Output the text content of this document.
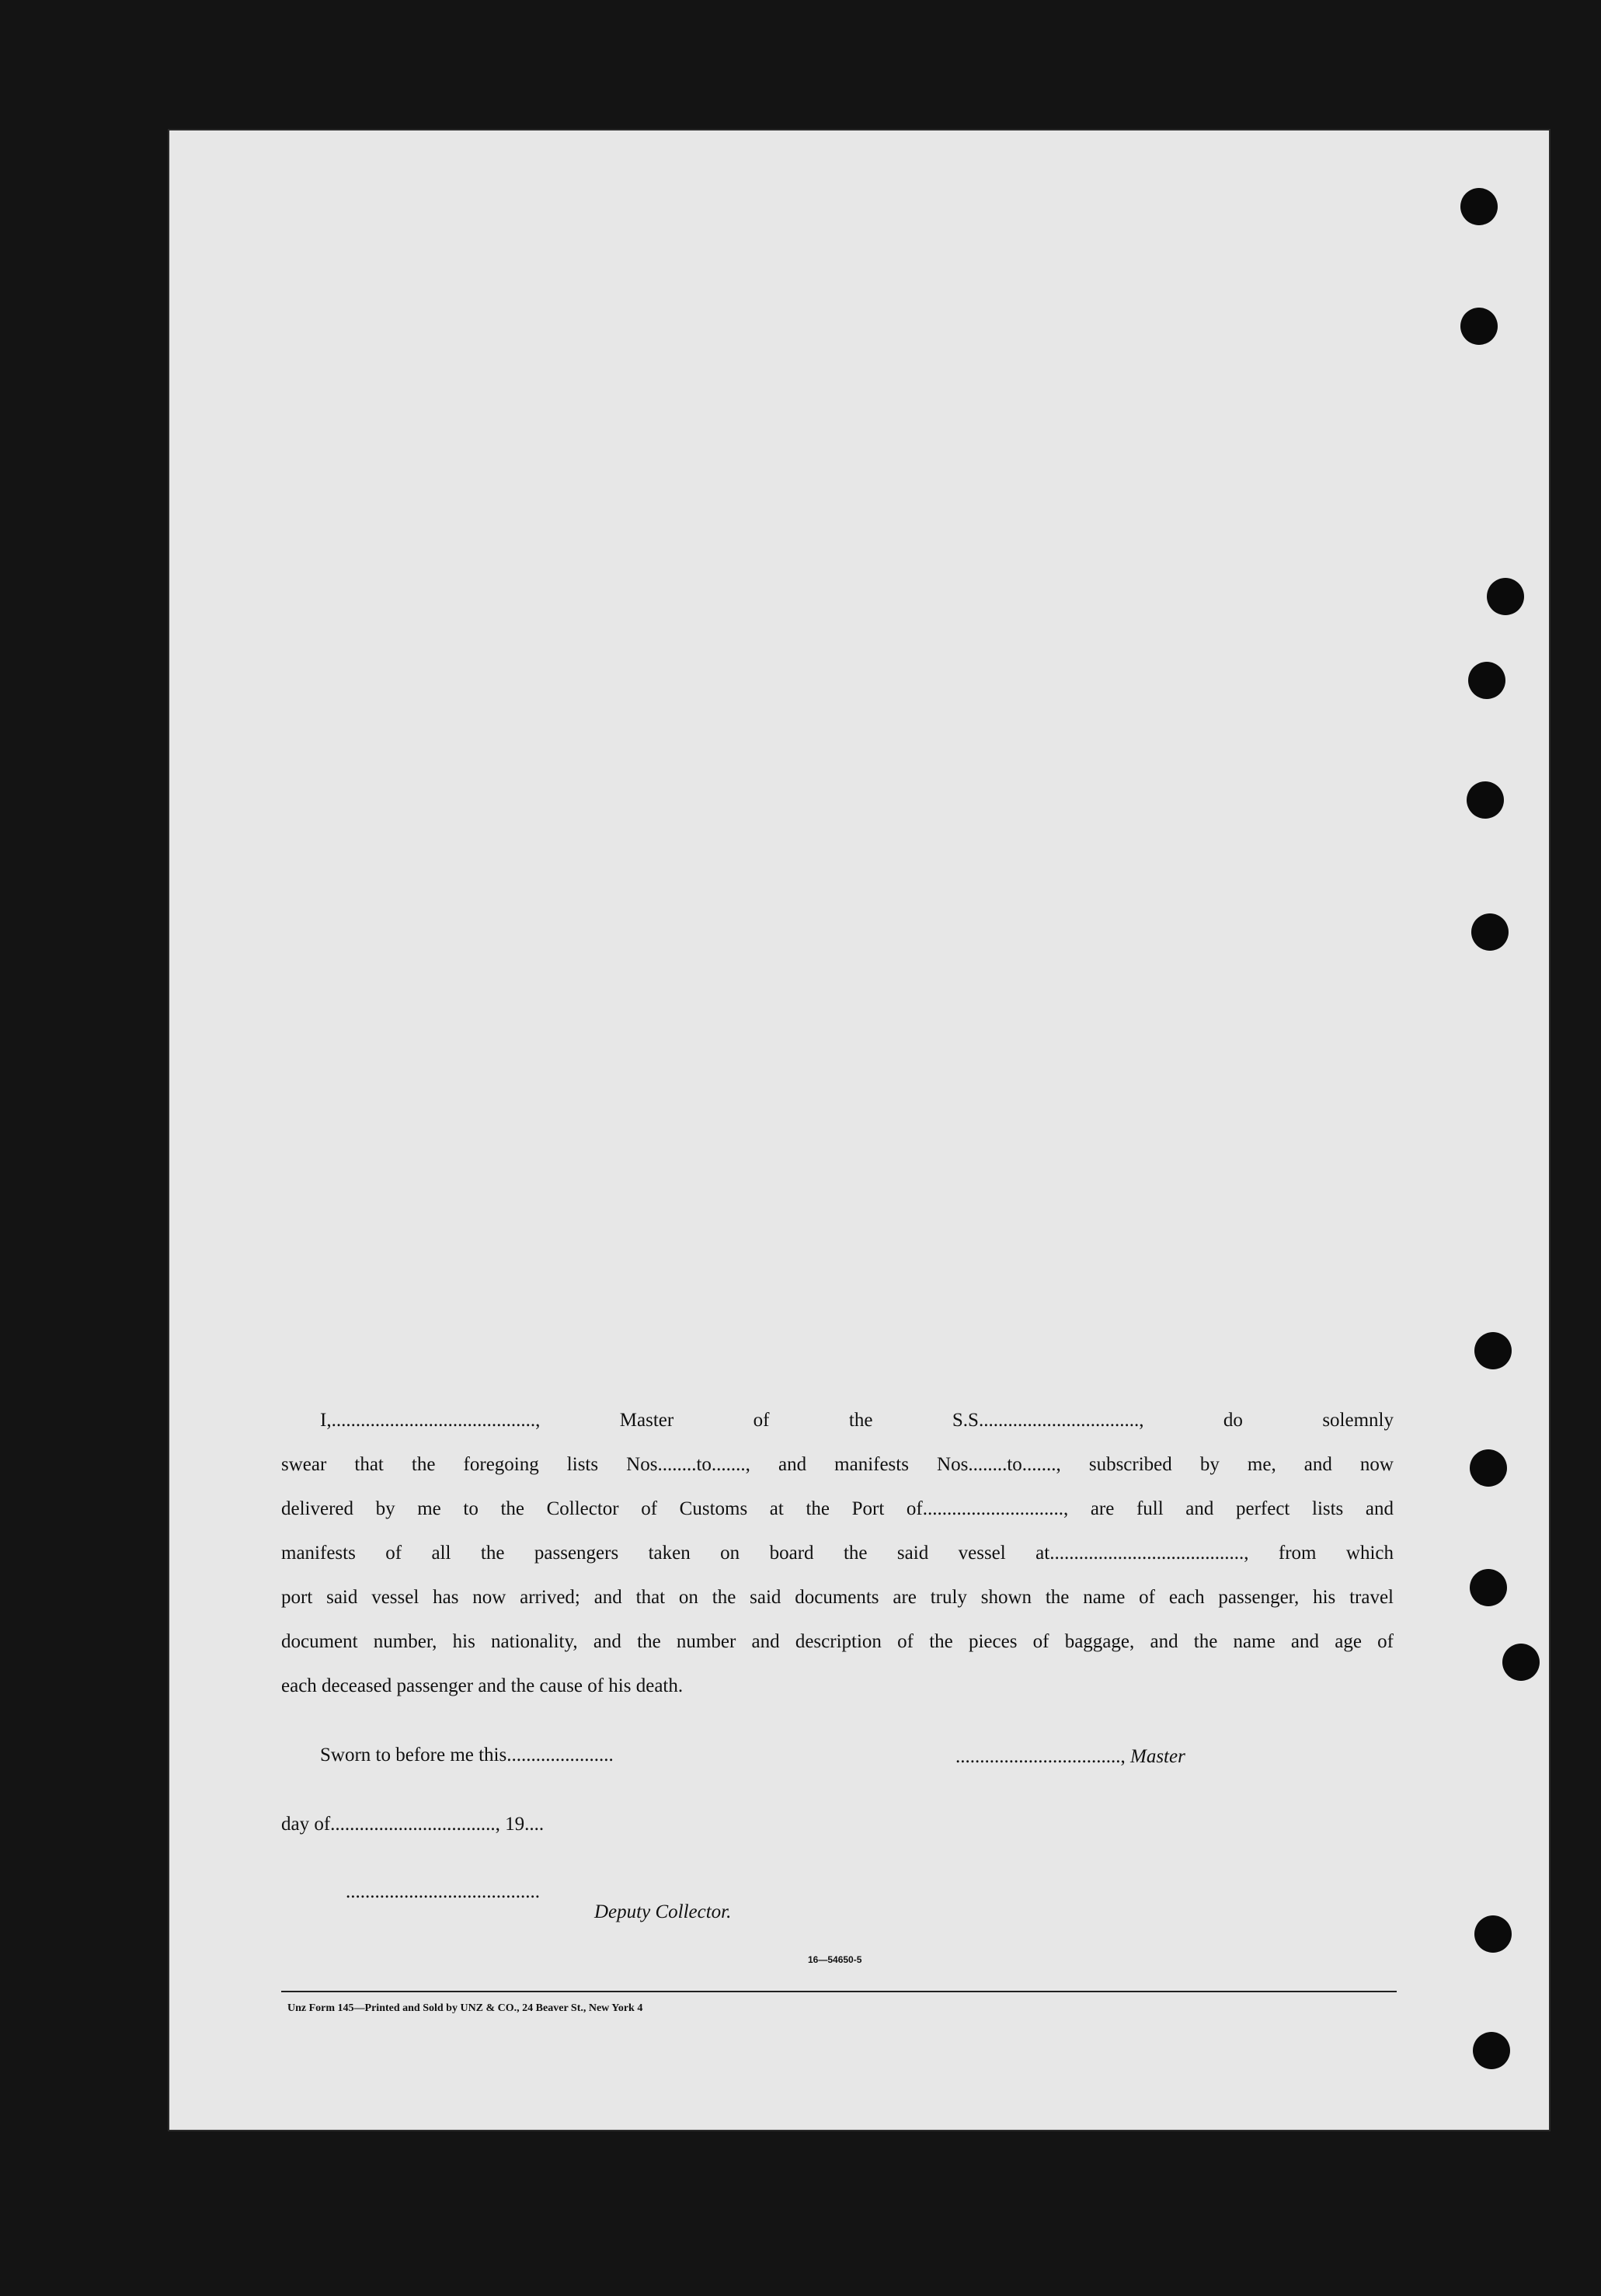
I,.........................................., Master of the S.S................................., do solemnly
swear that the foregoing lists Nos........to......., and manifests Nos........to......., subscribed by me, and now
delivered by me to the Collector of Customs at the Port of............................., are full and perfect lists and
manifests of all the passengers taken on board the said vessel at........................................, from which
port said vessel has now arrived; and that on the said documents are truly shown the name of each passenger, his travel
document number, his nationality, and the number and description of the pieces of baggage, and the name and age of
each deceased passenger and the cause of his death.
Sworn to before me this......................	.................................., Master
day of.................................., 19....
........................................
Deputy Collector.
16—54650-5
Unz Form 145—Printed and Sold by UNZ & CO., 24 Beaver St., New York 4
